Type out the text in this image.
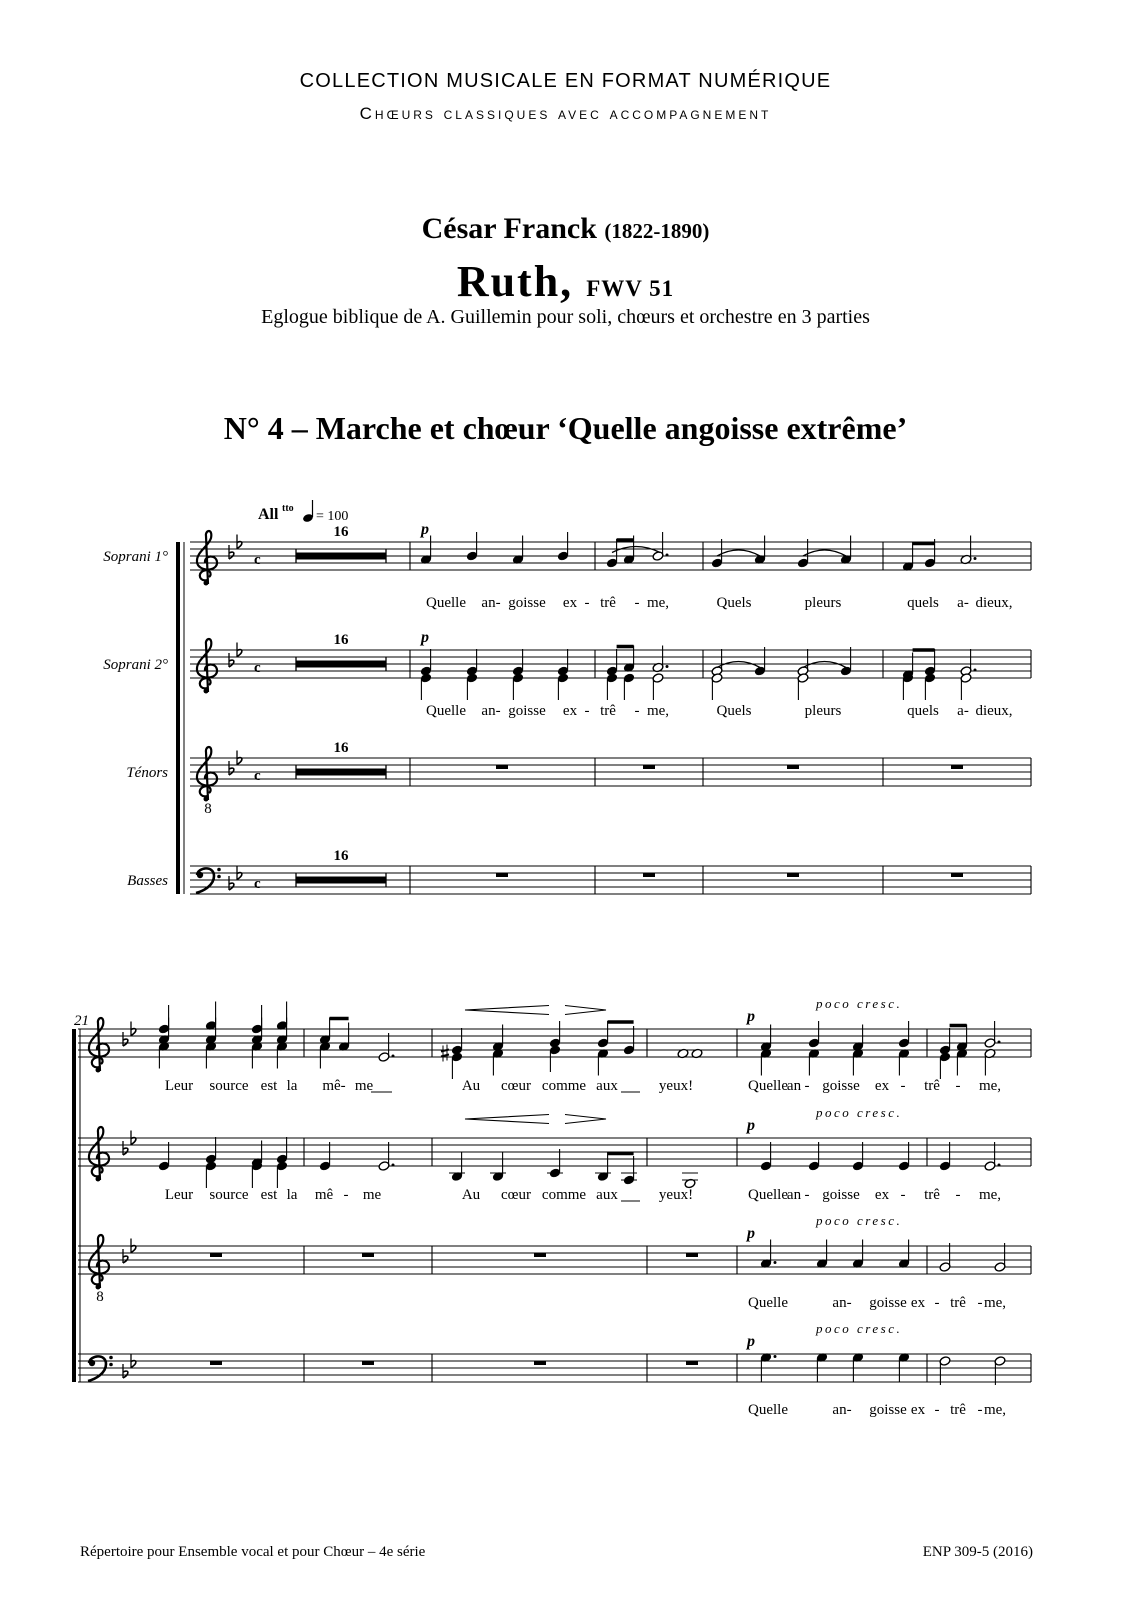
COLLECTION MUSICALE EN FORMAT NUMÉRIQUE
Chœurs classiques avec accompagnement
César Franck (1822-1890)
Ruth, FWV 51
Eglogue biblique de A. Guillemin pour soli, chœurs et orchestre en 3 parties
N° 4 – Marche et chœur ‘Quelle angoisse extrême’
All tto
= 100
Soprani 1°	c
16
Soprani 2°	c
16
Ténors
8
c
16
Basses	c
16
p
Quelle an- goisse ex - trê - me,	Quels	pleurs	quels a- dieux,
p
Quelle an- goisse ex - trê - me,	Quels	pleurs	quels a- dieux,
21
8
p
poco cresc.
Leur source est la mê- me	Au cœur comme aux	yeux!	Quelle
an - goisse ex - trê - me,
p
poco cresc.
Leur source est la mê - me	Au cœur comme aux	yeux!	Quelle
an - goisse ex - trê - me,
p
poco cresc.
Quelle	an- goisse ex - trê - me,
p
poco cresc.
Quelle	an- goisse ex - trê - me,
Répertoire pour Ensemble vocal et pour Chœur – 4e série	ENP 309-5 (2016)
